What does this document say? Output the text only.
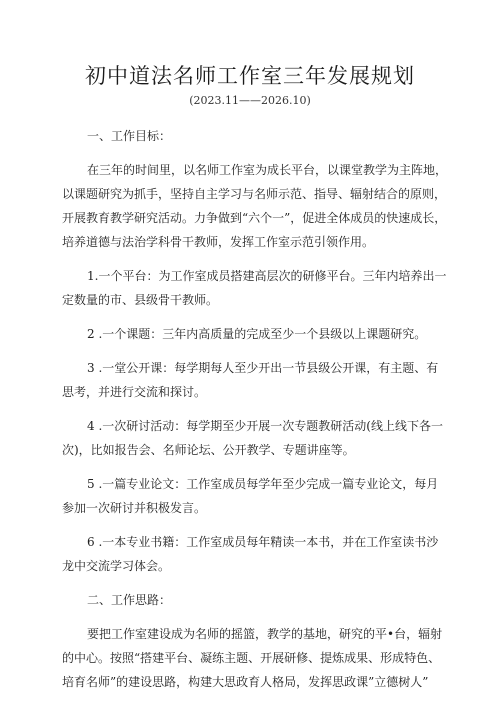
初中道法名师工作室三年发展规划
(2023.11——2026.10)
一、工作目标：
在三年的时间里，以名师工作室为成长平台，以课堂教学为主阵地，
以课题研究为抓手，坚持自主学习与名师示范、指导、辐射结合的原则，
开展教育教学研究活动。力争做到“六个一”，促进全体成员的快速成长，
培养道德与法治学科骨干教师，发挥工作室示范引领作用。
1.一个平台：为工作室成员搭建高层次的研修平台。三年内培养出一
定数量的市、县级骨干教师。
2 .一个课题：三年内高质量的完成至少一个县级以上课题研究。
3 .一堂公开课：每学期每人至少开出一节县级公开课，有主题、有
思考，并进行交流和探讨。
4 .一次研讨活动：每学期至少开展一次专题教研活动(线上线下各一
次)，比如报告会、名师论坛、公开教学、专题讲座等。
5 .一篇专业论文：工作室成员每学年至少完成一篇专业论文，每月
参加一次研讨并积极发言。
6 .一本专业书籍：工作室成员每年精读一本书，并在工作室读书沙
龙中交流学习体会。
二、工作思路：
要把工作室建设成为名师的摇篮，教学的基地，研究的平•台，辐射
的中心。按照“搭建平台、凝练主题、开展研修、提炼成果、形成特色、
培育名师”的建设思路，构建大思政育人格局，发挥思政课”立德树人”
